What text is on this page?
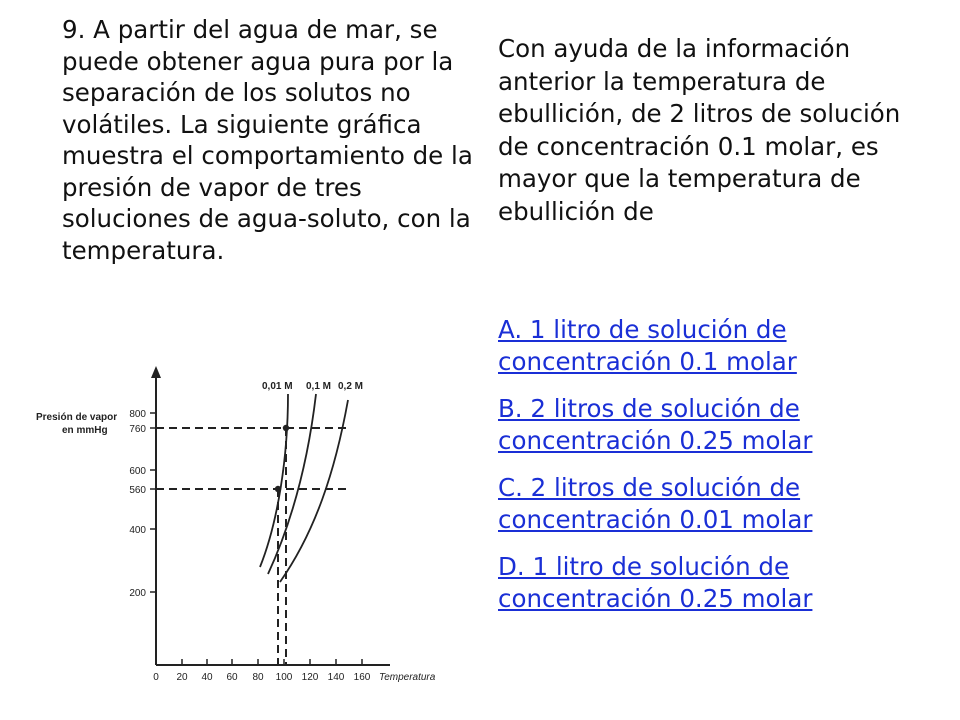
9. A partir del agua de mar, se puede obtener agua pura por la separación de los solutos no volátiles. La siguiente gráfica muestra el comportamiento de la presión de vapor de tres soluciones de agua-soluto, con la temperatura.

Con ayuda de la información anterior la temperatura de ebullición, de 2 litros de solución de concentración 0.1 molar, es mayor que la temperatura de ebullición de

A. 1 litro de solución de concentración 0.1 molar
B. 2 litros de solución de concentración 0.25 molar
C. 2 litros de solución de concentración 0.01 molar
D. 1 litro de solución de concentración 0.25 molar
800
760
600
560
400
200
0 20 40 60 80 100 120 140 160
Presión de vapor
en mmHg
Temperatura
0,01 M 0,1 M 0,2 M
